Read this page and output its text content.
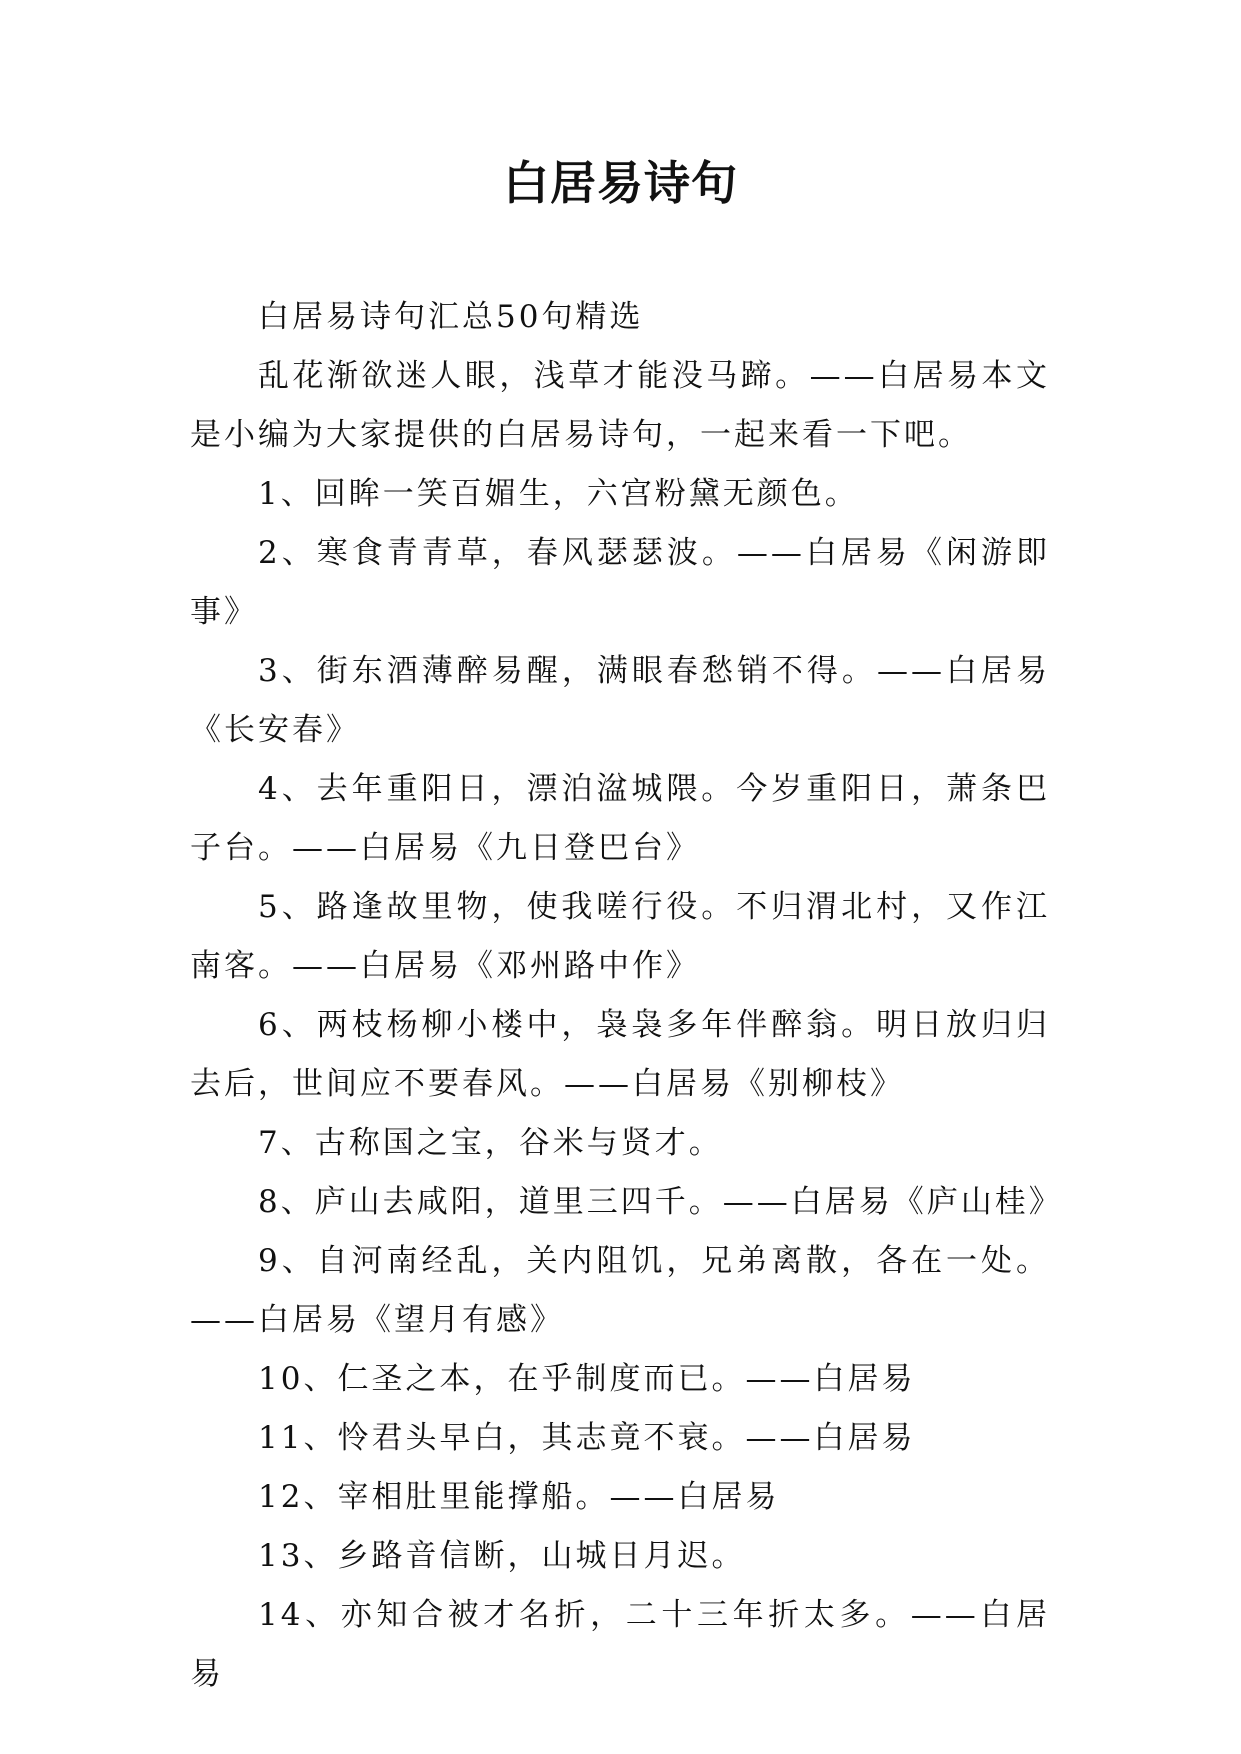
白居易诗句

白居易诗句汇总50句精选

乱花渐欲迷人眼，浅草才能没马蹄。——白居易本文是小编为大家提供的白居易诗句，一起来看一下吧。

1、回眸一笑百媚生，六宫粉黛无颜色。

2、寒食青青草，春风瑟瑟波。——白居易《闲游即事》

3、街东酒薄醉易醒，满眼春愁销不得。——白居易《长安春》

4、去年重阳日，漂泊湓城隈。今岁重阳日，萧条巴子台。——白居易《九日登巴台》

5、路逢故里物，使我嗟行役。不归渭北村，又作江南客。——白居易《邓州路中作》

6、两枝杨柳小楼中，袅袅多年伴醉翁。明日放归归去后，世间应不要春风。——白居易《别柳枝》

7、古称国之宝，谷米与贤才。

8、庐山去咸阳，道里三四千。——白居易《庐山桂》

9、自河南经乱，关内阻饥，兄弟离散，各在一处。——白居易《望月有感》

10、仁圣之本，在乎制度而已。——白居易

11、怜君头早白，其志竟不衰。——白居易

12、宰相肚里能撑船。——白居易

13、乡路音信断，山城日月迟。

14、亦知合被才名折，二十三年折太多。——白居易
